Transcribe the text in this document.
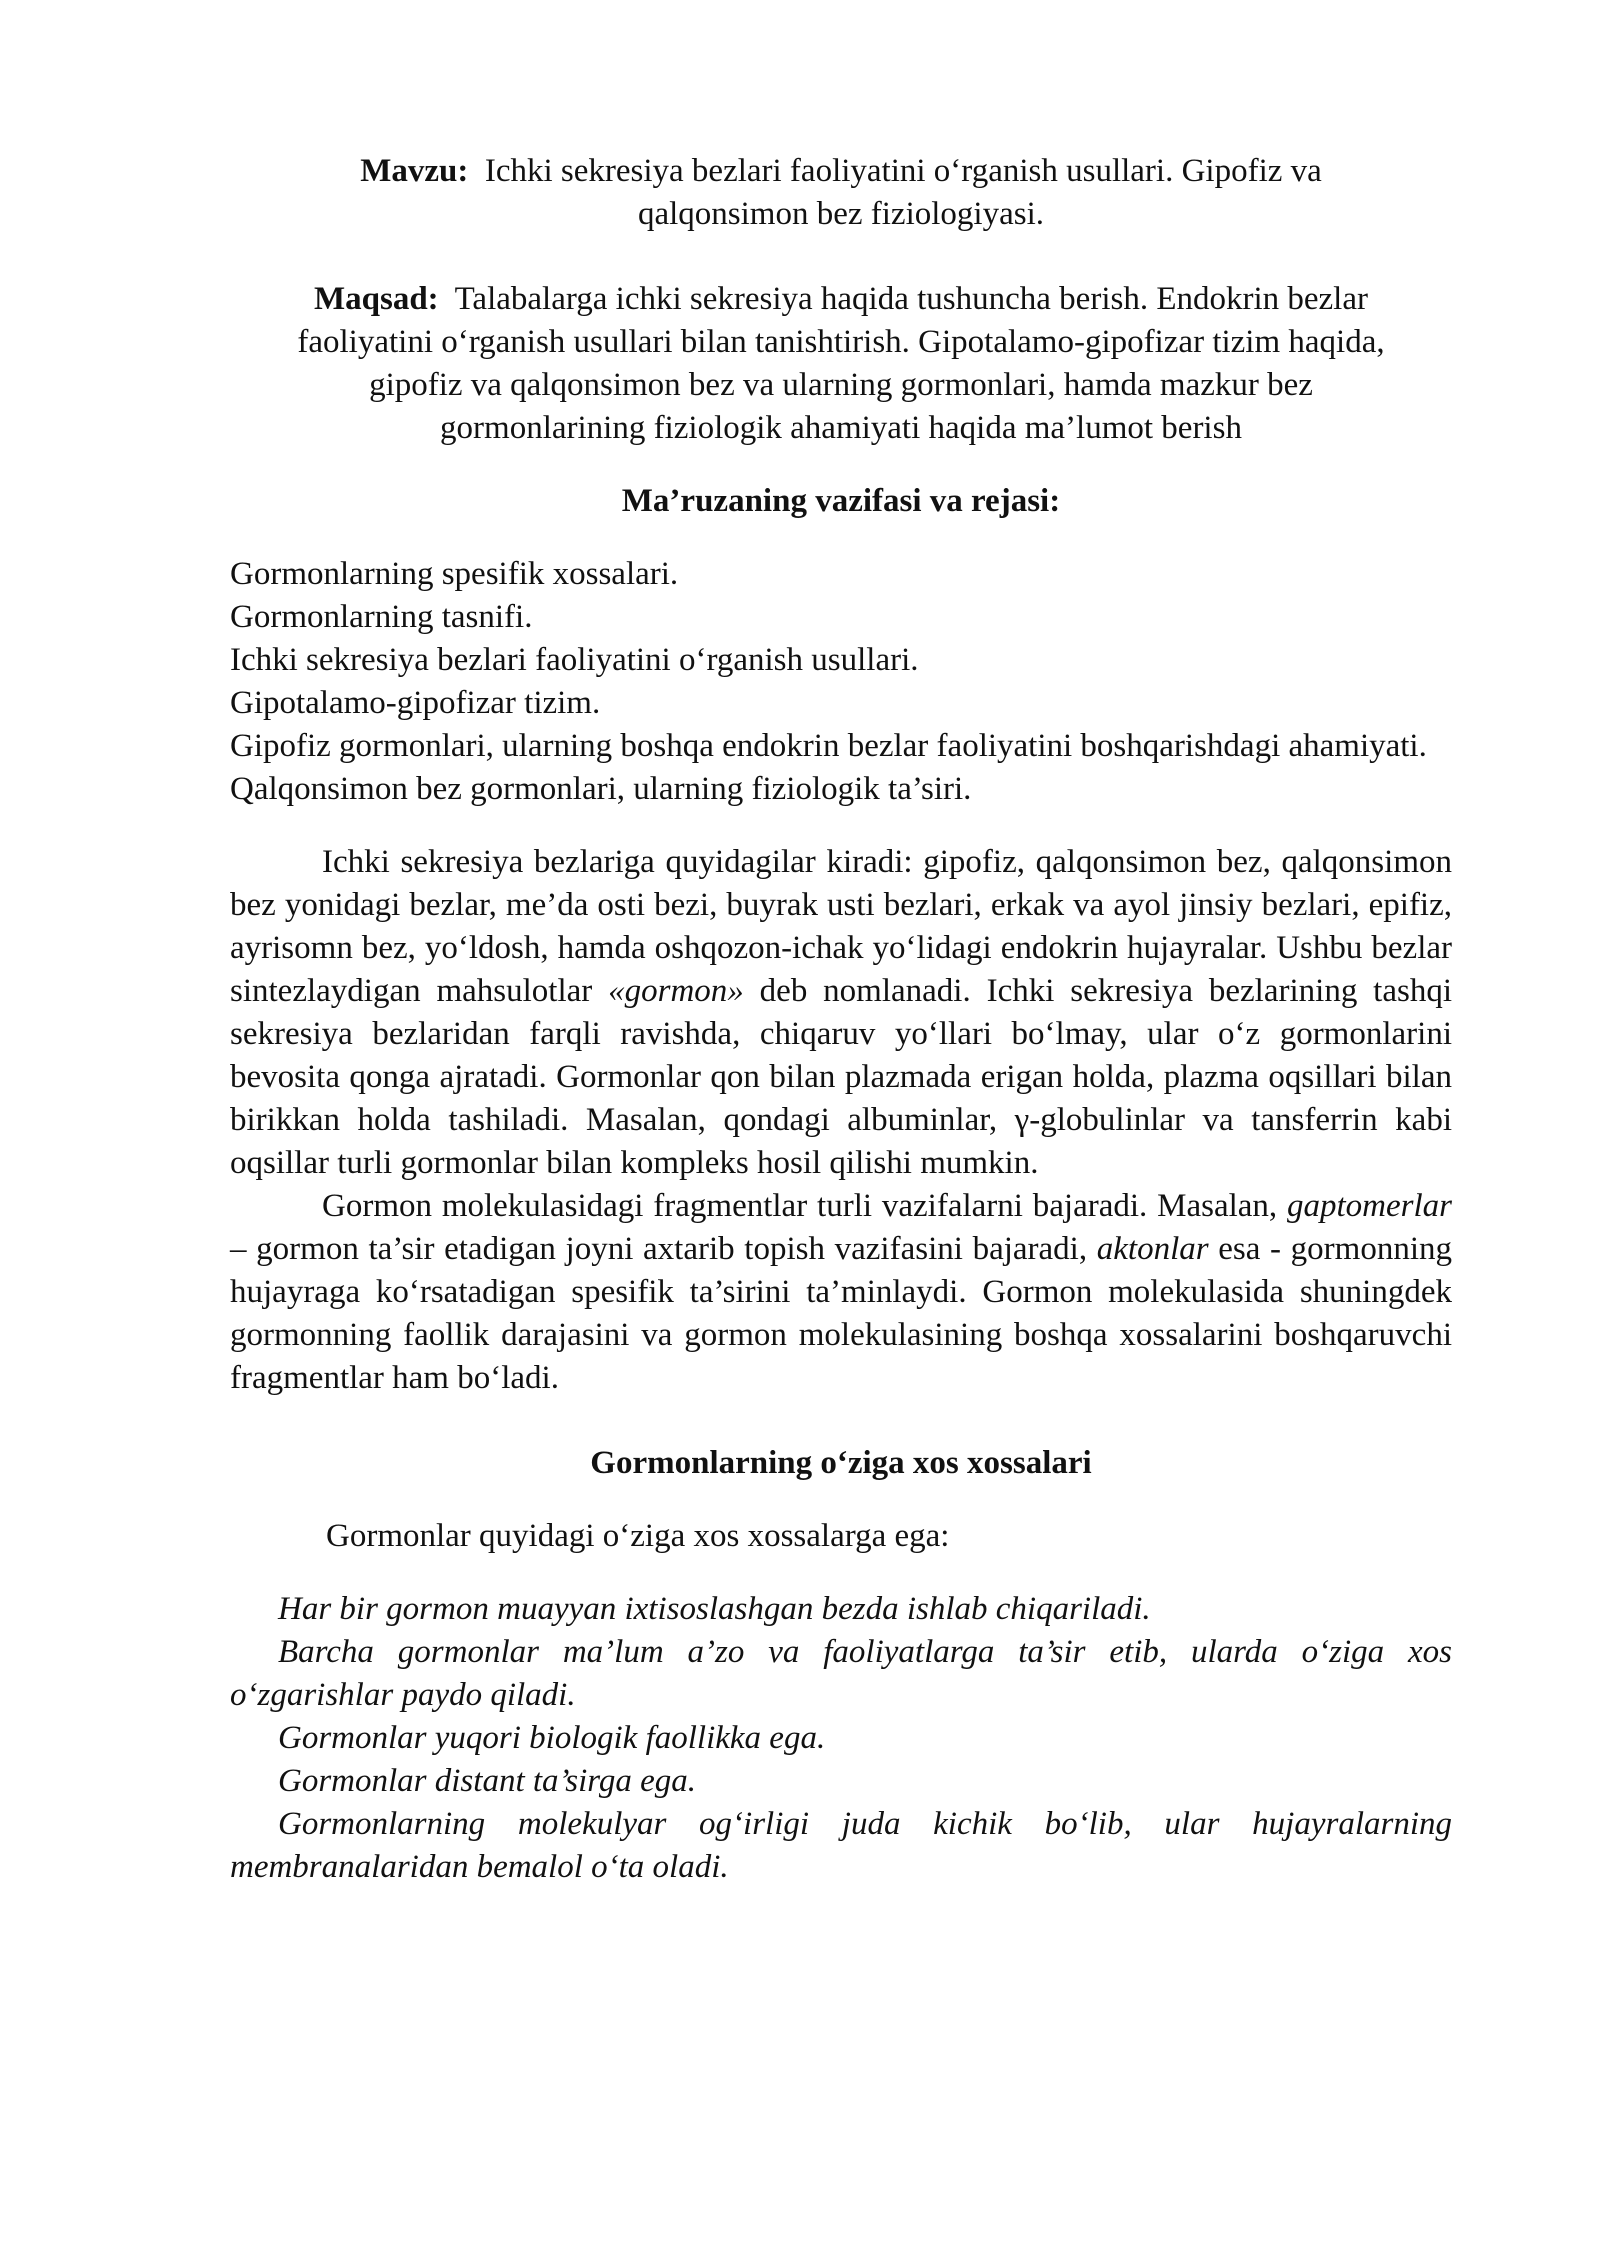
Mavzu: Ichki sekresiya bezlari faoliyatini o‘rganish usullari. Gipofiz va qalqonsimon bez fiziologiyasi.

Maqsad: Talabalarga ichki sekresiya haqida tushuncha berish. Endokrin bezlar faoliyatini o‘rganish usullari bilan tanishtirish. Gipotalamo-gipofizar tizim haqida, gipofiz va qalqonsimon bez va ularning gormonlari, hamda mazkur bez gormonlarining fiziologik ahamiyati haqida ma’lumot berish

Ma’ruzaning vazifasi va rejasi:

Gormonlarning spesifik xossalari.
Gormonlarning tasnifi.
Ichki sekresiya bezlari faoliyatini o‘rganish usullari.
Gipotalamo-gipofizar tizim.
Gipofiz gormonlari, ularning boshqa endokrin bezlar faoliyatini boshqarishdagi ahamiyati.
Qalqonsimon bez gormonlari, ularning fiziologik ta’siri.

Ichki sekresiya bezlariga quyidagilar kiradi: gipofiz, qalqonsimon bez, qalqonsimon bez yonidagi bezlar, me’da osti bezi, buyrak usti bezlari, erkak va ayol jinsiy bezlari, epifiz, ayrisomn bez, yo‘ldosh, hamda oshqozon-ichak yo‘lidagi endokrin hujayralar. Ushbu bezlar sintezlaydigan mahsulotlar «gormon» deb nomlanadi. Ichki sekresiya bezlarining tashqi sekresiya bezlaridan farqli ravishda, chiqaruv yo‘llari bo‘lmay, ular o‘z gormonlarini bevosita qonga ajratadi. Gormonlar qon bilan plazmada erigan holda, plazma oqsillari bilan birikkan holda tashiladi. Masalan, qondagi albuminlar, γ-globulinlar va tansferrin kabi oqsillar turli gormonlar bilan kompleks hosil qilishi mumkin.

Gormon molekulasidagi fragmentlar turli vazifalarni bajaradi. Masalan, gaptomerlar – gormon ta’sir etadigan joyni axtarib topish vazifasini bajaradi, aktonlar esa - gormonning hujayraga ko‘rsatadigan spesifik ta’sirini ta’minlaydi. Gormon molekulasida shuningdek gormonning faollik darajasini va gormon molekulasining boshqa xossalarini boshqaruvchi fragmentlar ham bo‘ladi.

Gormonlarning o‘ziga xos xossalari

Gormonlar quyidagi o‘ziga xos xossalarga ega:

Har bir gormon muayyan ixtisoslashgan bezda ishlab chiqariladi.
Barcha gormonlar ma’lum a’zo va faoliyatlarga ta’sir etib, ularda o‘ziga xos o‘zgarishlar paydo qiladi.
Gormonlar yuqori biologik faollikka ega.
Gormonlar distant ta’sirga ega.
Gormonlarning molekulyar og‘irligi juda kichik bo‘lib, ular hujayralarning membranalaridan bemalol o‘ta oladi.
